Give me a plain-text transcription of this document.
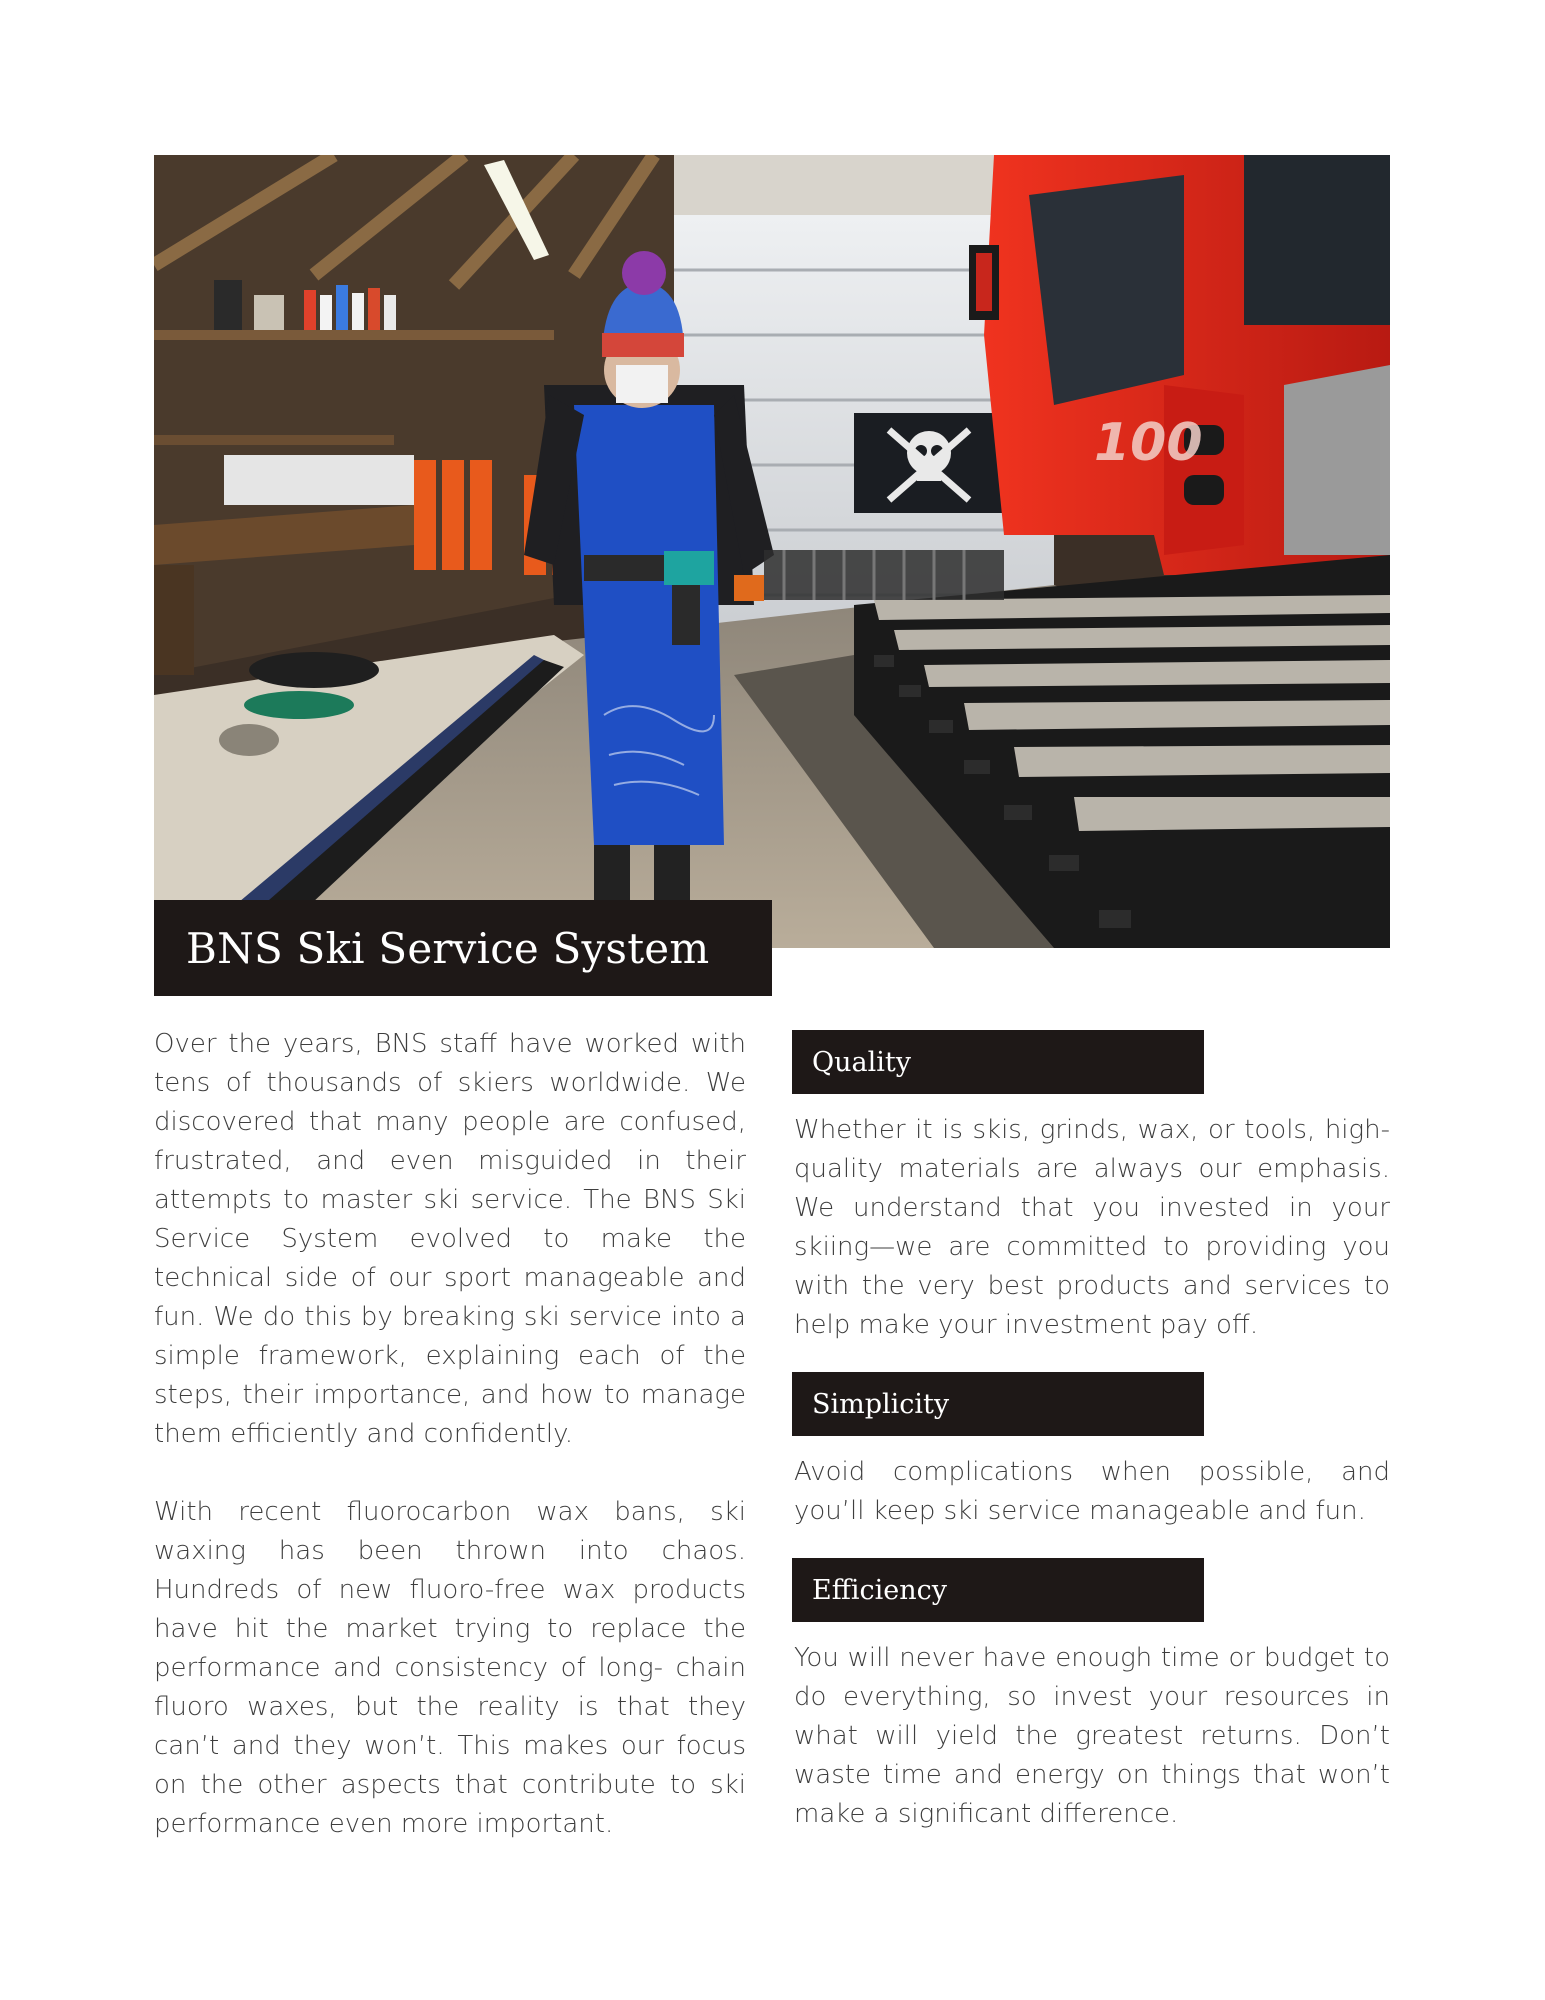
100
BNS Ski Service System

Over the years, BNS staff have worked with tens of thousands of skiers worldwide. We discovered that many people are confused, frustrated, and even misguided in their attempts to master ski service. The BNS Ski Service System evolved to make the technical side of our sport manageable and fun. We do this by breaking ski service into a simple framework, explaining each of the steps, their importance, and how to manage them efficiently and confidently.

With recent fluorocarbon wax bans, ski waxing has been thrown into chaos. Hundreds of new fluoro-free wax products have hit the market trying to replace the performance and consistency of long- chain fluoro waxes, but the reality is that they can’t and they won’t. This makes our focus on the other aspects that contribute to ski performance even more important.

Quality

Whether it is skis, grinds, wax, or tools, high-quality materials are always our emphasis. We understand that you invested in your skiing—we are committed to providing you with the very best products and services to help make your investment pay off.

Simplicity

Avoid complications when possible, and you’ll keep ski service manageable and fun.

Efficiency

You will never have enough time or budget to do everything, so invest your resources in what will yield the greatest returns. Don’t waste time and energy on things that won’t make a significant difference.
